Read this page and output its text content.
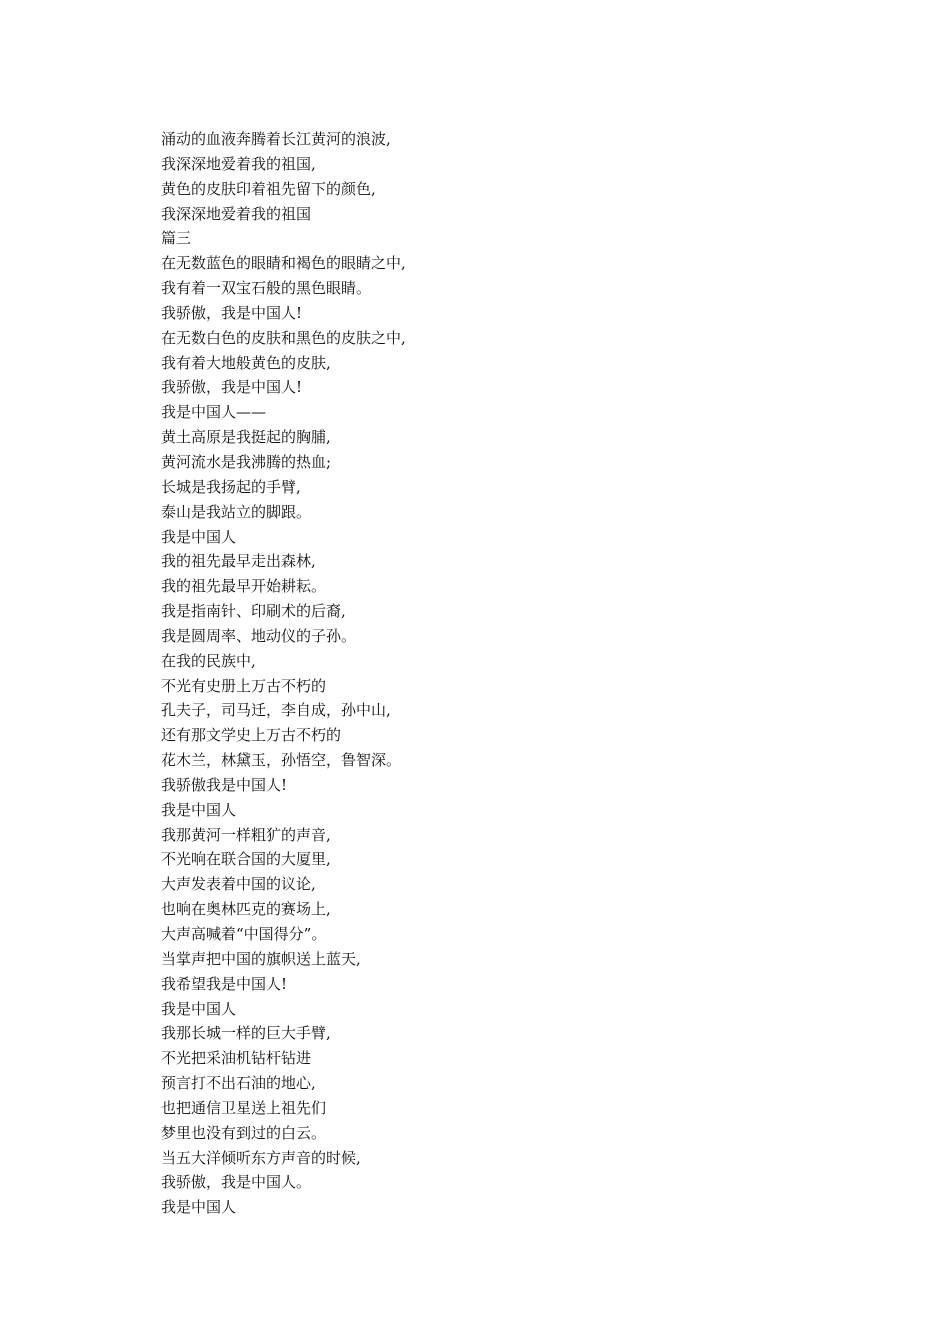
涌动的血液奔腾着长江黄河的浪波,
我深深地爱着我的祖国,
黄色的皮肤印着祖先留下的颜色,
我深深地爱着我的祖国
篇三
在无数蓝色的眼睛和褐色的眼睛之中,
我有着一双宝石般的黑色眼睛。
我骄傲，我是中国人!
在无数白色的皮肤和黑色的皮肤之中,
我有着大地般黄色的皮肤,
我骄傲，我是中国人!
我是中国人——
黄土高原是我挺起的胸脯,
黄河流水是我沸腾的热血;
长城是我扬起的手臂,
泰山是我站立的脚跟。
我是中国人
我的祖先最早走出森林,
我的祖先最早开始耕耘。
我是指南针、印刷术的后裔,
我是圆周率、地动仪的子孙。
在我的民族中,
不光有史册上万古不朽的
孔夫子，司马迁，李自成，孙中山,
还有那文学史上万古不朽的
花木兰，林黛玉，孙悟空，鲁智深。
我骄傲我是中国人!
我是中国人
我那黄河一样粗犷的声音,
不光响在联合国的大厦里,
大声发表着中国的议论,
也响在奥林匹克的赛场上,
大声高喊着“中国得分”。
当掌声把中国的旗帜送上蓝天,
我希望我是中国人!
我是中国人
我那长城一样的巨大手臂,
不光把采油机钻杆钻进
预言打不出石油的地心,
也把通信卫星送上祖先们
梦里也没有到过的白云。
当五大洋倾听东方声音的时候,
我骄傲，我是中国人。
我是中国人
